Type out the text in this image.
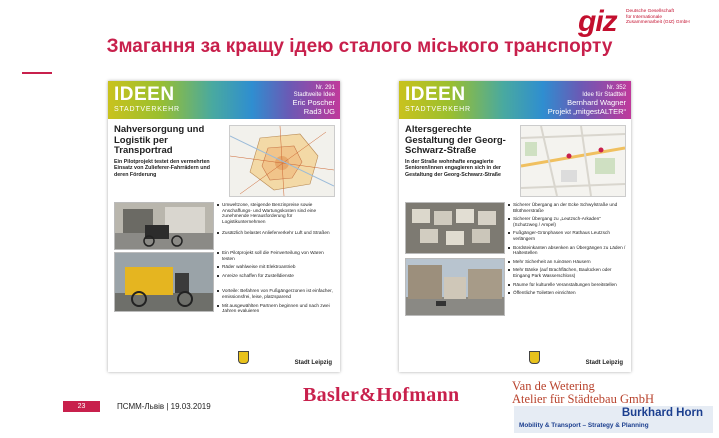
giz Deutsche Gesellschaft
für Internationale
Zusammenarbeit (GIZ) GmbH
Змагання за кращу ідею сталого міського транспорту
IDEEN
STADTVERKEHR
Nr. 291
Stadtweite Idee
Eric Poscher
Rad3 UG
Nahversorgung und Logistik per Transportrad
Ein Pilotprojekt testet den vermehrten Einsatz von Zulieferer-Fahrrädern und deren Förderung
Umweltzone, steigende Benzinpreise sowie Anschaffungs- und Wartungskosten sind eine zunehmende Herausforderung für Logistikunternehmen
Zusätzlich belastet Anlieferverkehr Luft und Straßen
Ein Pilotprojekt soll die Feinverteilung von Waren testen
Räder wahlweise mit Elektroantrieb
Anreize schaffen für Zustelldienste
Vorteile: Befahren von Fußgängerzonen ist einfacher, emissionsfrei, leise, platzsparend
Mit ausgewählten Partnern beginnen und nach zwei Jahren evaluieren
Stadt Leipzig
IDEEN
STADTVERKEHR
Nr. 352
Idee für Stadtteil
Bernhard Wagner
Projekt „mitgestALTER“
Altersgerechte Gestaltung der Georg-Schwarz-Straße
In der Straße wohnhafte engagierte Senioren/innen engagieren sich in der Gestaltung der Georg-Schwarz-Straße
Sicherer Übergang an der Ecke Schwylstraße und Blüthnerstraße
Sicherer Übergang zu „Leutzsch-Arkaden“ (Schutzweg / Ampel)
Fußgänger-Grünphasen vor Rathaus Leutzsch verlängern
Bordsteinkanten absenken an Übergängen zu Läden / Haltestellen
Mehr Sicherheit an ruinösen Häusern
Mehr Bänke (auf Brachflächen, Baulücken oder Eingang Park Wasserschloss)
Räume für kulturelle Veranstaltungen bereitstellen
Öffentliche Toiletten einrichten
Stadt Leipzig
23	ПСММ-Львів | 19.03.2019
Basler&Hofmann	Van de Wetering
Atelier für Städtebau GmbH
Burkhard Horn
Mobility & Transport – Strategy & Planning
